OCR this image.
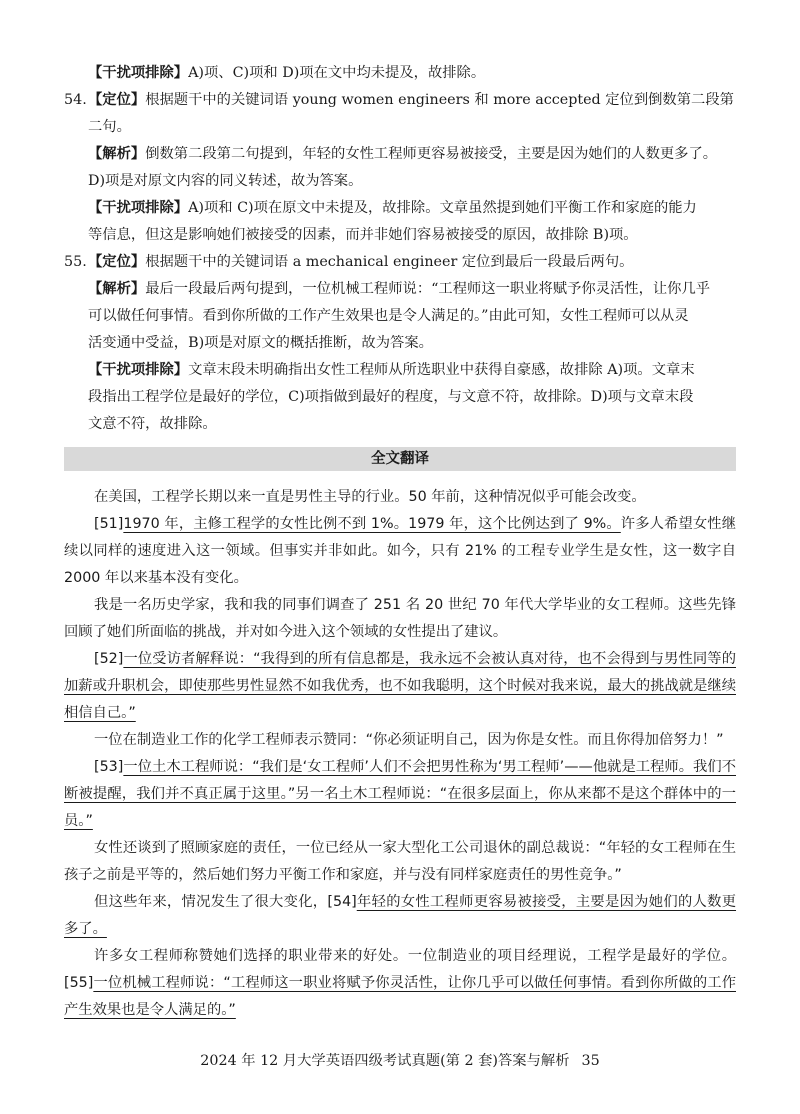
【干扰项排除】A)项、C)项和 D)项在文中均未提及，故排除。
54. 【定位】根据题干中的关键词语 young women engineers 和 more accepted 定位到倒数第二段第
二句。
【解析】倒数第二段第二句提到，年轻的女性工程师更容易被接受，主要是因为她们的人数更多了。
D)项是对原文内容的同义转述，故为答案。
【干扰项排除】A)项和 C)项在原文中未提及，故排除。文章虽然提到她们平衡工作和家庭的能力
等信息，但这是影响她们被接受的因素，而并非她们容易被接受的原因，故排除 B)项。
55. 【定位】根据题干中的关键词语 a mechanical engineer 定位到最后一段最后两句。
【解析】最后一段最后两句提到，一位机械工程师说：“工程师这一职业将赋予你灵活性，让你几乎
可以做任何事情。看到你所做的工作产生效果也是令人满足的。”由此可知，女性工程师可以从灵
活变通中受益，B)项是对原文的概括推断，故为答案。
【干扰项排除】文章末段未明确指出女性工程师从所选职业中获得自豪感，故排除 A)项。文章末
段指出工程学位是最好的学位，C)项指做到最好的程度，与文意不符，故排除。D)项与文章末段
文意不符，故排除。
全文翻译

在美国，工程学长期以来一直是男性主导的行业。50 年前，这种情况似乎可能会改变。

[51]1970 年，主修工程学的女性比例不到 1%。1979 年，这个比例达到了 9%。许多人希望女性继续以同样的速度进入这一领域。但事实并非如此。如今，只有 21% 的工程专业学生是女性，这一数字自 2000 年以来基本没有变化。

我是一名历史学家，我和我的同事们调查了 251 名 20 世纪 70 年代大学毕业的女工程师。这些先锋回顾了她们所面临的挑战，并对如今进入这个领域的女性提出了建议。

[52]一位受访者解释说：“我得到的所有信息都是，我永远不会被认真对待，也不会得到与男性同等的加薪或升职机会，即使那些男性显然不如我优秀，也不如我聪明，这个时候对我来说，最大的挑战就是继续相信自己。”

一位在制造业工作的化学工程师表示赞同：“你必须证明自己，因为你是女性。而且你得加倍努力！”

[53]一位土木工程师说：“我们是‘女工程师’人们不会把男性称为‘男工程师’——他就是工程师。我们不断被提醒，我们并不真正属于这里。”另一名土木工程师说：“在很多层面上，你从来都不是这个群体中的一员。”

女性还谈到了照顾家庭的责任，一位已经从一家大型化工公司退休的副总裁说：“年轻的女工程师在生孩子之前是平等的，然后她们努力平衡工作和家庭，并与没有同样家庭责任的男性竞争。”

但这些年来，情况发生了很大变化，[54]年轻的女性工程师更容易被接受，主要是因为她们的人数更多了。

许多女工程师称赞她们选择的职业带来的好处。一位制造业的项目经理说，工程学是最好的学位。[55]一位机械工程师说：“工程师这一职业将赋予你灵活性，让你几乎可以做任何事情。看到你所做的工作产生效果也是令人满足的。”

2024 年 12 月大学英语四级考试真题(第 2 套)答案与解析 35
